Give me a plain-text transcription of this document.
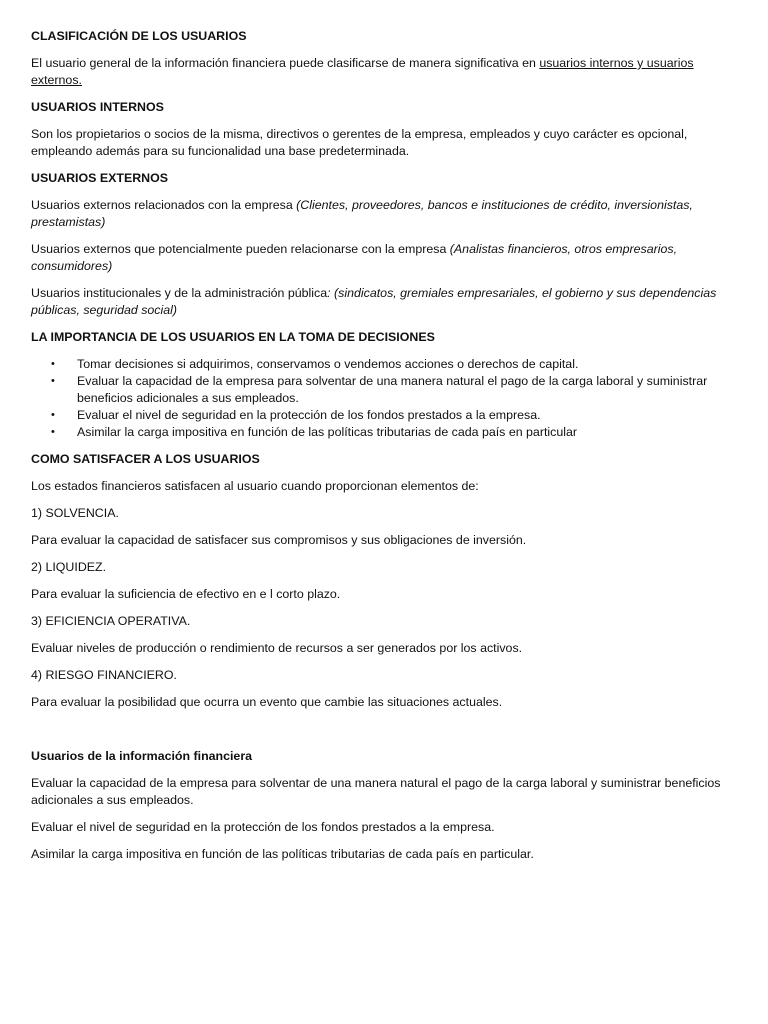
CLASIFICACIÓN DE LOS USUARIOS

El usuario general de la información financiera puede clasificarse de manera significativa en usuarios internos y usuarios externos.

USUARIOS INTERNOS

Son los propietarios o socios de la misma, directivos o gerentes de la empresa, empleados y cuyo carácter es opcional, empleando además para su funcionalidad una base predeterminada.

USUARIOS EXTERNOS

Usuarios externos relacionados con la empresa (Clientes, proveedores, bancos e instituciones de crédito, inversionistas, prestamistas)

Usuarios externos que potencialmente pueden relacionarse con la empresa (Analistas financieros, otros empresarios, consumidores)

Usuarios institucionales y de la administración pública: (sindicatos, gremiales empresariales, el gobierno y sus dependencias públicas, seguridad social)

LA IMPORTANCIA DE LOS USUARIOS EN LA TOMA DE DECISIONES

• Tomar decisiones si adquirimos, conservamos o vendemos acciones o derechos de capital.
• Evaluar la capacidad de la empresa para solventar de una manera natural el pago de la carga laboral y suministrar beneficios adicionales a sus empleados.
• Evaluar el nivel de seguridad en la protección de los fondos prestados a la empresa.
• Asimilar la carga impositiva en función de las políticas tributarias de cada país en particular

COMO SATISFACER A LOS USUARIOS

Los estados financieros satisfacen al usuario cuando proporcionan elementos de:

1) SOLVENCIA.

Para evaluar la capacidad de satisfacer sus compromisos y sus obligaciones de inversión.

2) LIQUIDEZ.

Para evaluar la suficiencia de efectivo en e l corto plazo.

3) EFICIENCIA OPERATIVA.

Evaluar niveles de producción o rendimiento de recursos a ser generados por los activos.

4) RIESGO FINANCIERO.

Para evaluar la posibilidad que ocurra un evento que cambie las situaciones actuales.

Usuarios de la información financiera

Evaluar la capacidad de la empresa para solventar de una manera natural el pago de la carga laboral y suministrar beneficios adicionales a sus empleados.

Evaluar el nivel de seguridad en la protección de los fondos prestados a la empresa.

Asimilar la carga impositiva en función de las políticas tributarias de cada país en particular.
